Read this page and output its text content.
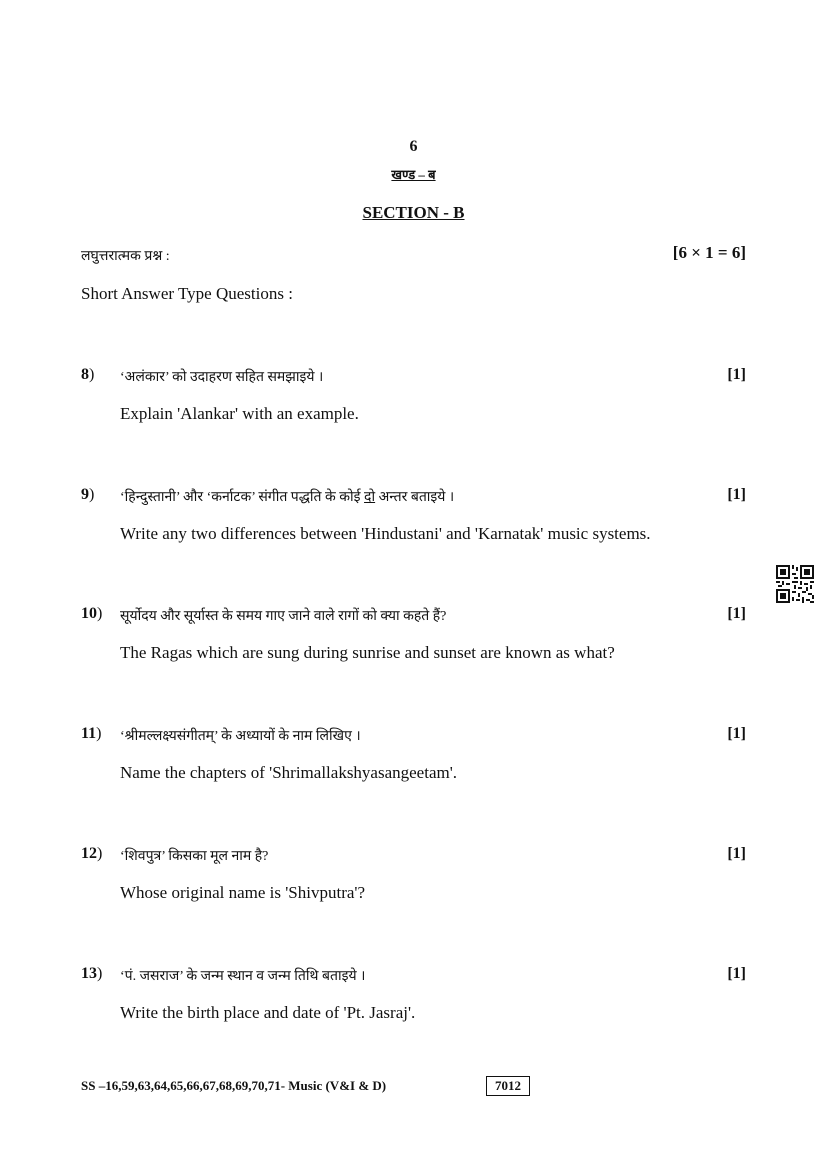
6
खण्ड – ब
SECTION - B
लघुत्तरात्मक प्रश्न :	[6 × 1 = 6]
Short Answer Type Questions :
8) ‘अलंकार’ को उदाहरण सहित समझाइये ।	[1]
Explain 'Alankar' with an example.
9) ‘हिन्दुस्तानी’ और ‘कर्नाटक’ संगीत पद्धति के कोई दो अन्तर बताइये ।	[1]
Write any two differences between 'Hindustani' and 'Karnatak' music systems.
10) सूर्योदय और सूर्यास्त के समय गाए जाने वाले रागों को क्या कहते हैं?	[1]
The Ragas which are sung during sunrise and sunset are known as what?
11) ‘श्रीमल्लक्ष्यसंगीतम्’ के अध्यायों के नाम लिखिए ।	[1]
Name the chapters of 'Shrimallakshyasangeetam'.
12) ‘शिवपुत्र’ किसका मूल नाम है?	[1]
Whose original name is 'Shivputra'?
13) ‘पं. जसराज’ के जन्म स्थान व जन्म तिथि बताइये ।	[1]
Write the birth place and date of 'Pt. Jasraj'.
SS –16,59,63,64,65,66,67,68,69,70,71- Music (V&I & D)	7012
